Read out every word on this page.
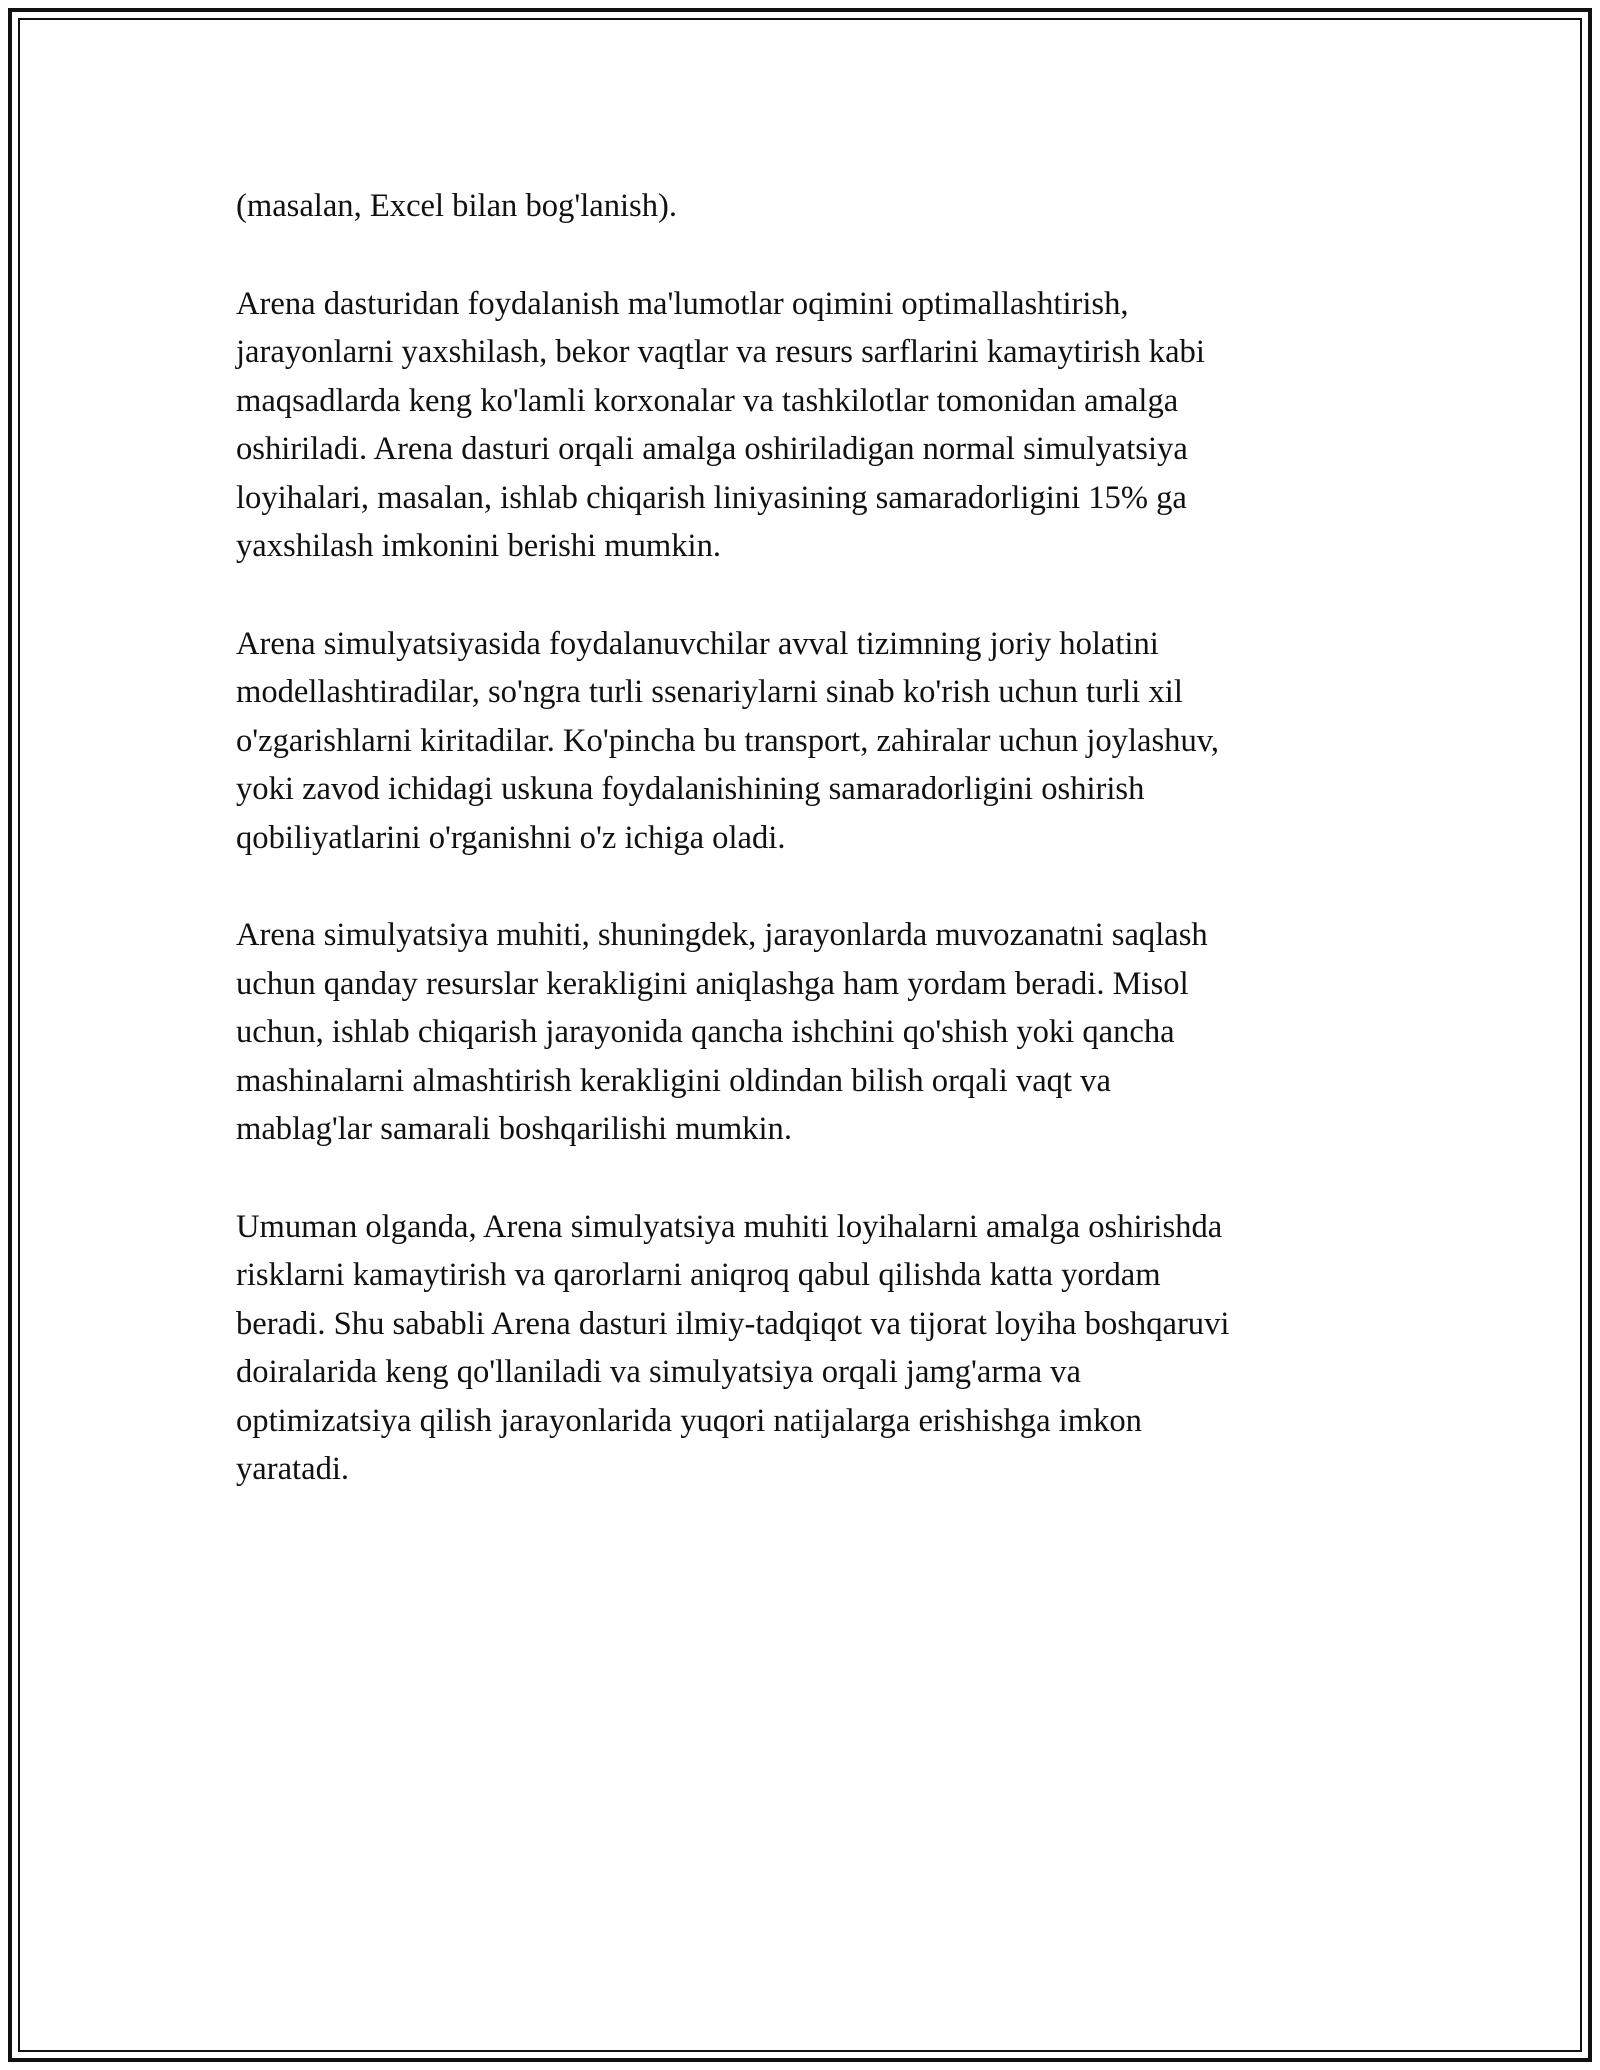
(masalan, Excel bilan bog'lanish).

Arena dasturidan foydalanish ma'lumotlar oqimini optimallashtirish,
jarayonlarni yaxshilash, bekor vaqtlar va resurs sarflarini kamaytirish kabi
maqsadlarda keng ko'lamli korxonalar va tashkilotlar tomonidan amalga
oshiriladi. Arena dasturi orqali amalga oshiriladigan normal simulyatsiya
loyihalari, masalan, ishlab chiqarish liniyasining samaradorligini 15% ga
yaxshilash imkonini berishi mumkin.

Arena simulyatsiyasida foydalanuvchilar avval tizimning joriy holatini
modellashtiradilar, so'ngra turli ssenariylarni sinab ko'rish uchun turli xil
o'zgarishlarni kiritadilar. Ko'pincha bu transport, zahiralar uchun joylashuv,
yoki zavod ichidagi uskuna foydalanishining samaradorligini oshirish
qobiliyatlarini o'rganishni o'z ichiga oladi.

Arena simulyatsiya muhiti, shuningdek, jarayonlarda muvozanatni saqlash
uchun qanday resurslar kerakligini aniqlashga ham yordam beradi. Misol
uchun, ishlab chiqarish jarayonida qancha ishchini qo'shish yoki qancha
mashinalarni almashtirish kerakligini oldindan bilish orqali vaqt va
mablag'lar samarali boshqarilishi mumkin.

Umuman olganda, Arena simulyatsiya muhiti loyihalarni amalga oshirishda
risklarni kamaytirish va qarorlarni aniqroq qabul qilishda katta yordam
beradi. Shu sababli Arena dasturi ilmiy-tadqiqot va tijorat loyiha boshqaruvi
doiralarida keng qo'llaniladi va simulyatsiya orqali jamg'arma va
optimizatsiya qilish jarayonlarida yuqori natijalarga erishishga imkon
yaratadi.
